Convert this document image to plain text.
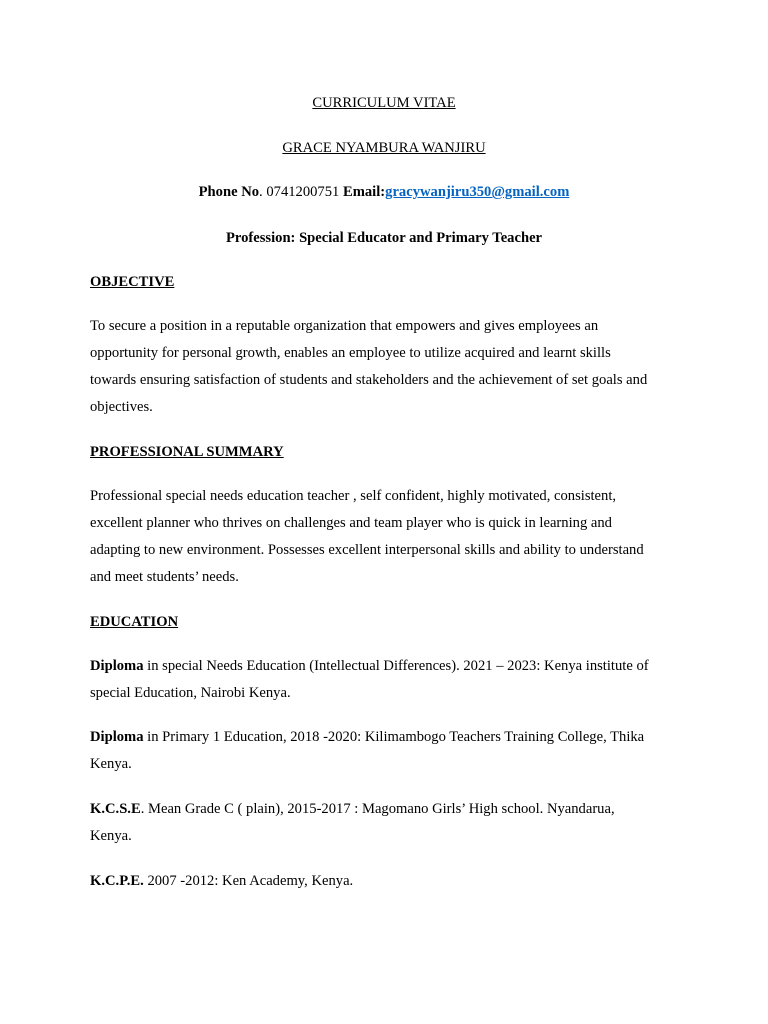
CURRICULUM VITAE
GRACE NYAMBURA WANJIRU
Phone No. 0741200751 Email:gracywanjiru350@gmail.com
Profession: Special Educator and Primary Teacher
OBJECTIVE
To secure a position in a reputable organization that empowers and gives employees an
opportunity for personal growth, enables an employee to utilize acquired and learnt skills
towards ensuring satisfaction of students and stakeholders and the achievement of set goals and
objectives.
PROFESSIONAL SUMMARY
Professional special needs education teacher , self confident, highly motivated, consistent,
excellent planner who thrives on challenges and team player who is quick in learning and
adapting to new environment. Possesses excellent interpersonal skills and ability to understand
and meet students’ needs.
EDUCATION
Diploma in special Needs Education (Intellectual Differences). 2021 – 2023: Kenya institute of
special Education, Nairobi Kenya.
Diploma in Primary 1 Education, 2018 -2020: Kilimambogo Teachers Training College, Thika
Kenya.
K.C.S.E. Mean Grade C ( plain), 2015-2017 : Magomano Girls’ High school. Nyandarua,
Kenya.
K.C.P.E. 2007 -2012: Ken Academy, Kenya.
